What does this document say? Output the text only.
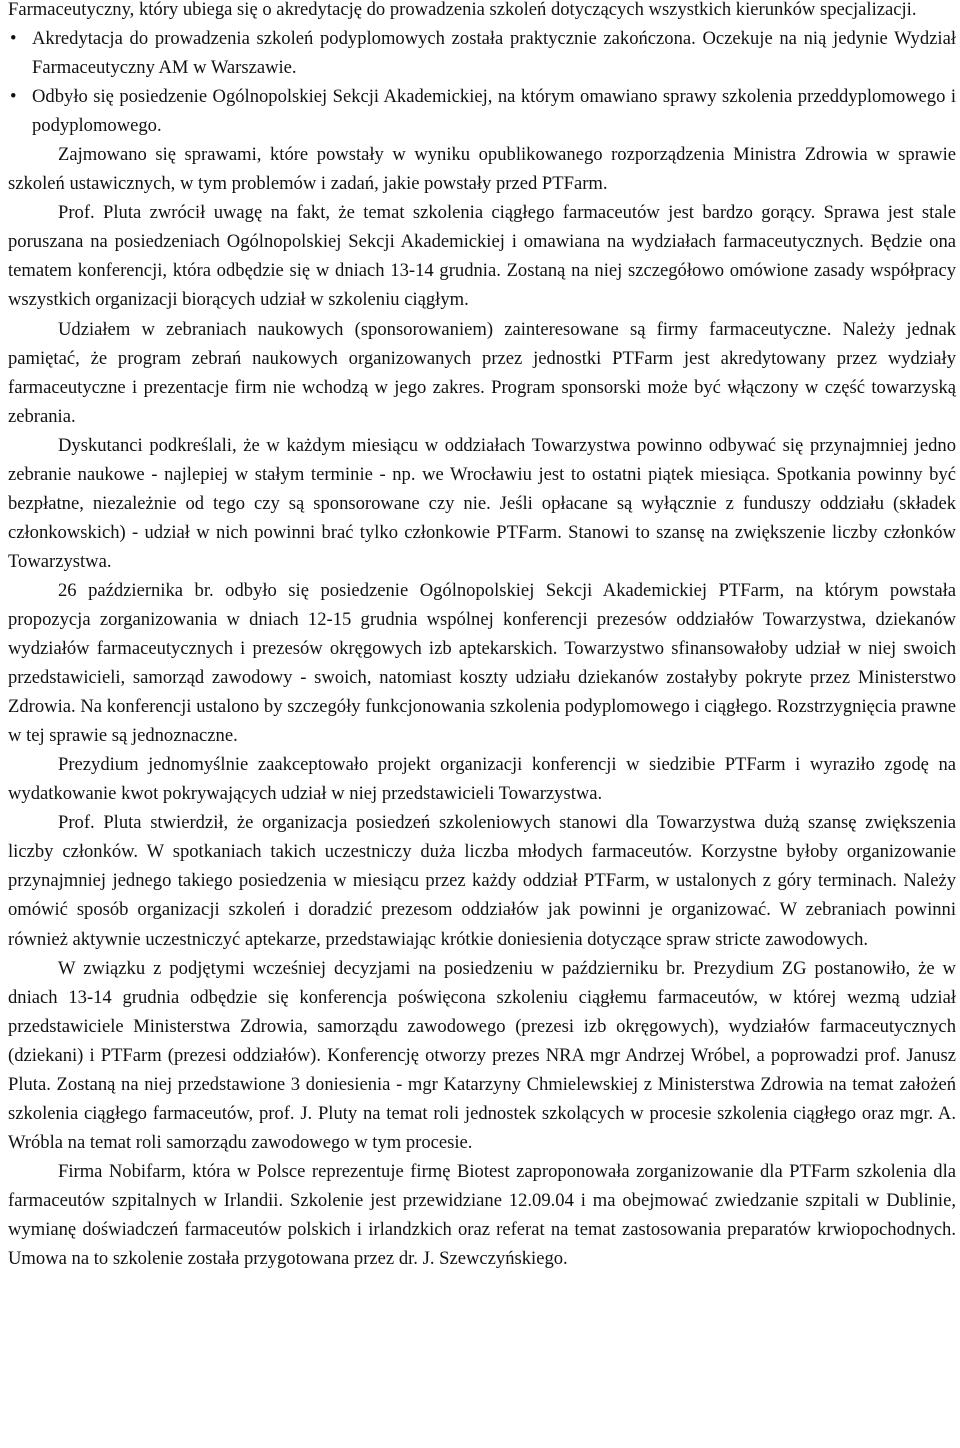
Farmaceutyczny, który ubiega się o akredytację do prowadzenia szkoleń dotyczących wszystkich kierunków specjalizacji.
• Akredytacja do prowadzenia szkoleń podyplomowych została praktycznie zakończona. Oczekuje na nią jedynie Wydział Farmaceutyczny AM w Warszawie.
• Odbyło się posiedzenie Ogólnopolskiej Sekcji Akademickiej, na którym omawiano sprawy szkolenia przeddyplomowego i podyplomowego.

Zajmowano się sprawami, które powstały w wyniku opublikowanego rozporządzenia Ministra Zdrowia w sprawie szkoleń ustawicznych, w tym problemów i zadań, jakie powstały przed PTFarm.

Prof. Pluta zwrócił uwagę na fakt, że temat szkolenia ciągłego farmaceutów jest bardzo gorący. Sprawa jest stale poruszana na posiedzeniach Ogólnopolskiej Sekcji Akademickiej i omawiana na wydziałach farmaceutycznych. Będzie ona tematem konferencji, która odbędzie się w dniach 13-14 grudnia. Zostaną na niej szczegółowo omówione zasady współpracy wszystkich organizacji biorących udział w szkoleniu ciągłym.

Udziałem w zebraniach naukowych (sponsorowaniem) zainteresowane są firmy farmaceutyczne. Należy jednak pamiętać, że program zebrań naukowych organizowanych przez jednostki PTFarm jest akredytowany przez wydziały farmaceutyczne i prezentacje firm nie wchodzą w jego zakres. Program sponsorski może być włączony w część towarzyską zebrania.

Dyskutanci podkreślali, że w każdym miesiącu w oddziałach Towarzystwa powinno odbywać się przynajmniej jedno zebranie naukowe - najlepiej w stałym terminie - np. we Wrocławiu jest to ostatni piątek miesiąca. Spotkania powinny być bezpłatne, niezależnie od tego czy są sponsorowane czy nie. Jeśli opłacane są wyłącznie z funduszy oddziału (składek członkowskich) - udział w nich powinni brać tylko członkowie PTFarm. Stanowi to szansę na zwiększenie liczby członków Towarzystwa.

26 października br. odbyło się posiedzenie Ogólnopolskiej Sekcji Akademickiej PTFarm, na którym powstała propozycja zorganizowania w dniach 12-15 grudnia wspólnej konferencji prezesów oddziałów Towarzystwa, dziekanów wydziałów farmaceutycznych i prezesów okręgowych izb aptekarskich. Towarzystwo sfinansowałoby udział w niej swoich przedstawicieli, samorząd zawodowy - swoich, natomiast koszty udziału dziekanów zostałyby pokryte przez Ministerstwo Zdrowia. Na konferencji ustalono by szczegóły funkcjonowania szkolenia podyplomowego i ciągłego. Rozstrzygnięcia prawne w tej sprawie są jednoznaczne.

Prezydium jednomyślnie zaakceptowało projekt organizacji konferencji w siedzibie PTFarm i wyraziło zgodę na wydatkowanie kwot pokrywających udział w niej przedstawicieli Towarzystwa.

Prof. Pluta stwierdził, że organizacja posiedzeń szkoleniowych stanowi dla Towarzystwa dużą szansę zwiększenia liczby członków. W spotkaniach takich uczestniczy duża liczba młodych farmaceutów. Korzystne byłoby organizowanie przynajmniej jednego takiego posiedzenia w miesiącu przez każdy oddział PTFarm, w ustalonych z góry terminach. Należy omówić sposób organizacji szkoleń i doradzić prezesom oddziałów jak powinni je organizować. W zebraniach powinni również aktywnie uczestniczyć aptekarze, przedstawiając krótkie doniesienia dotyczące spraw stricte zawodowych.

W związku z podjętymi wcześniej decyzjami na posiedzeniu w październiku br. Prezydium ZG postanowiło, że w dniach 13-14 grudnia odbędzie się konferencja poświęcona szkoleniu ciągłemu farmaceutów, w której wezmą udział przedstawiciele Ministerstwa Zdrowia, samorządu zawodowego (prezesi izb okręgowych), wydziałów farmaceutycznych (dziekani) i PTFarm (prezesi oddziałów). Konferencję otworzy prezes NRA mgr Andrzej Wróbel, a poprowadzi prof. Janusz Pluta. Zostaną na niej przedstawione 3 doniesienia - mgr Katarzyny Chmielewskiej z Ministerstwa Zdrowia na temat założeń szkolenia ciągłego farmaceutów, prof. J. Pluty na temat roli jednostek szkolących w procesie szkolenia ciągłego oraz mgr. A. Wróbla na temat roli samorządu zawodowego w tym procesie.

Firma Nobifarm, która w Polsce reprezentuje firmę Biotest zaproponowała zorganizowanie dla PTFarm szkolenia dla farmaceutów szpitalnych w Irlandii. Szkolenie jest przewidziane 12.09.04 i ma obejmować zwiedzanie szpitali w Dublinie, wymianę doświadczeń farmaceutów polskich i irlandzkich oraz referat na temat zastosowania preparatów krwiopochodnych. Umowa na to szkolenie została przygotowana przez dr. J. Szewczyńskiego.
